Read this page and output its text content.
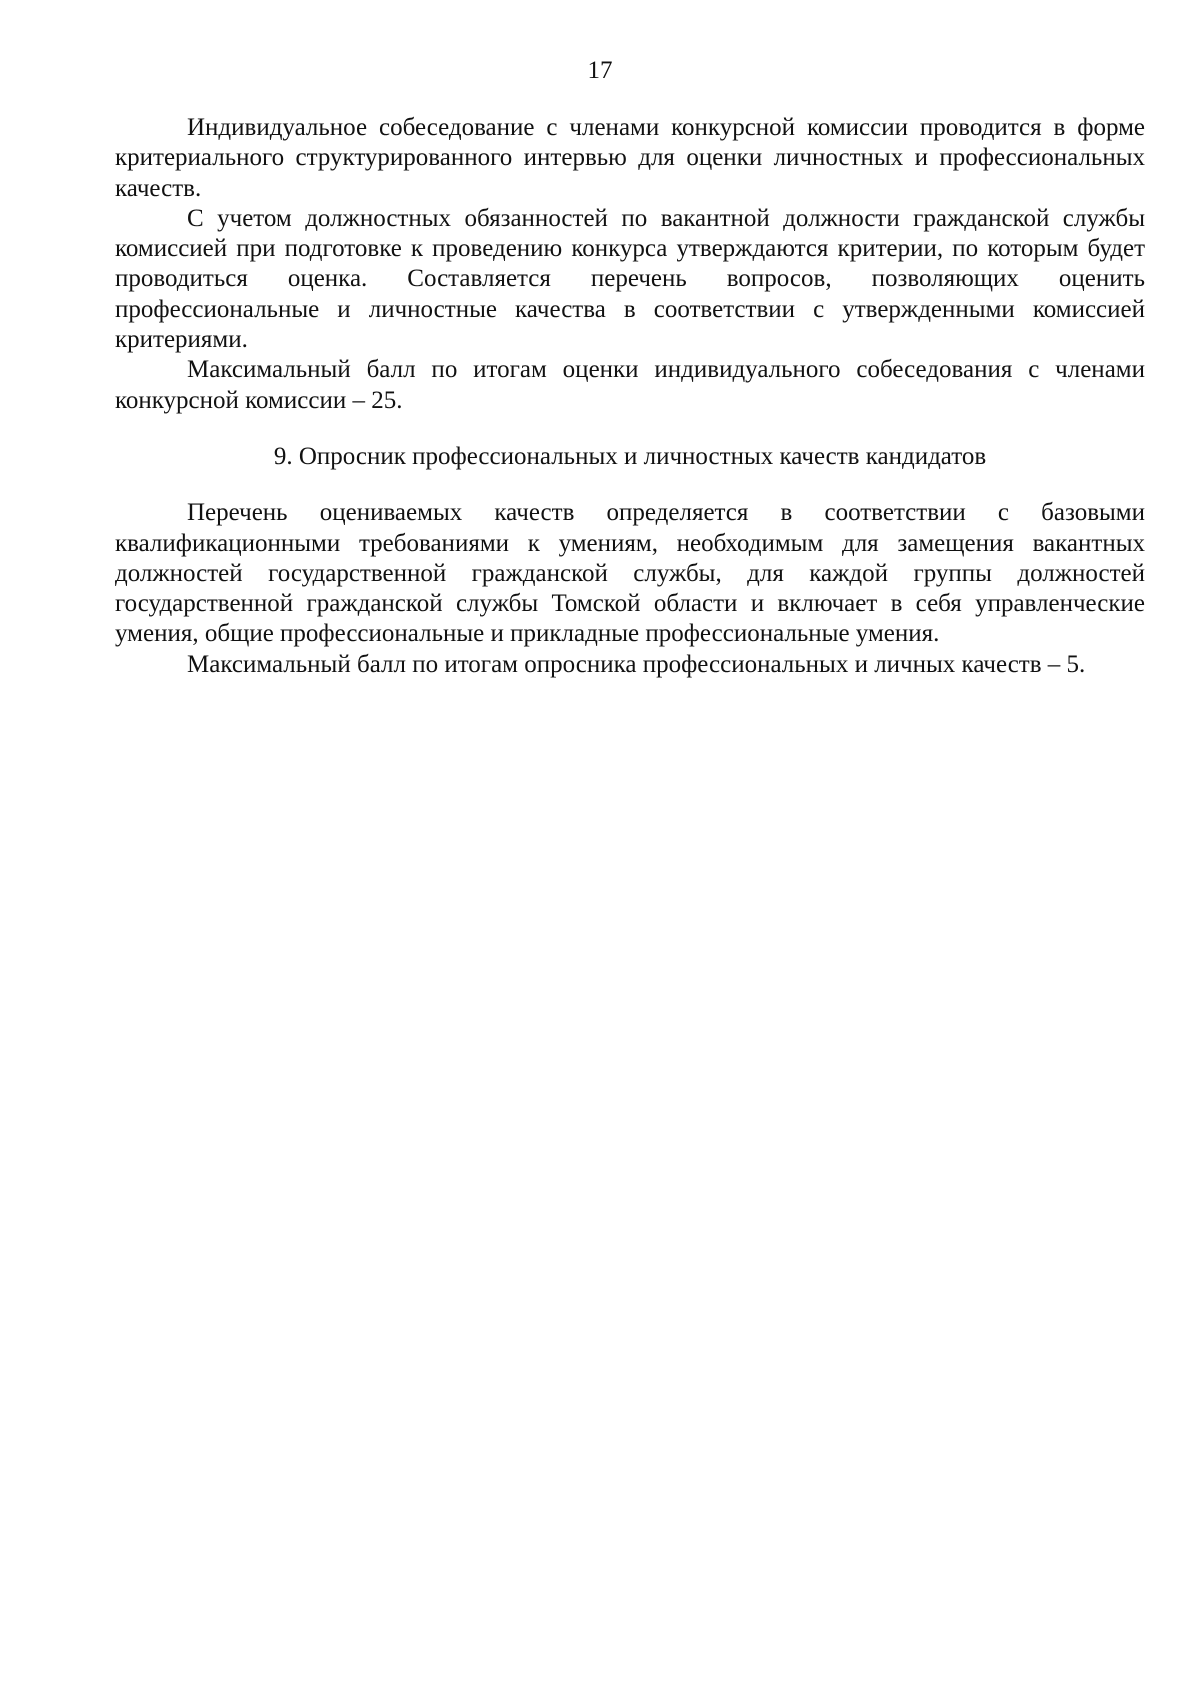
17

Индивидуальное собеседование с членами конкурсной комиссии проводится в форме критериального структурированного интервью для оценки личностных и профессиональных качеств.

С учетом должностных обязанностей по вакантной должности гражданской службы комиссией при подготовке к проведению конкурса утверждаются критерии, по которым будет проводиться оценка. Составляется перечень вопросов, позволяющих оценить профессиональные и личностные качества в соответствии с утвержденными комиссией критериями.

Максимальный балл по итогам оценки индивидуального собеседования с членами конкурсной комиссии – 25.

9. Опросник профессиональных и личностных качеств кандидатов

Перечень оцениваемых качеств определяется в соответствии с базовыми квалификационными требованиями к умениям, необходимым для замещения вакантных должностей государственной гражданской службы, для каждой группы должностей государственной гражданской службы Томской области и включает в себя управленческие умения, общие профессиональные и прикладные профессиональные умения.

Максимальный балл по итогам опросника профессиональных и личных качеств – 5.
